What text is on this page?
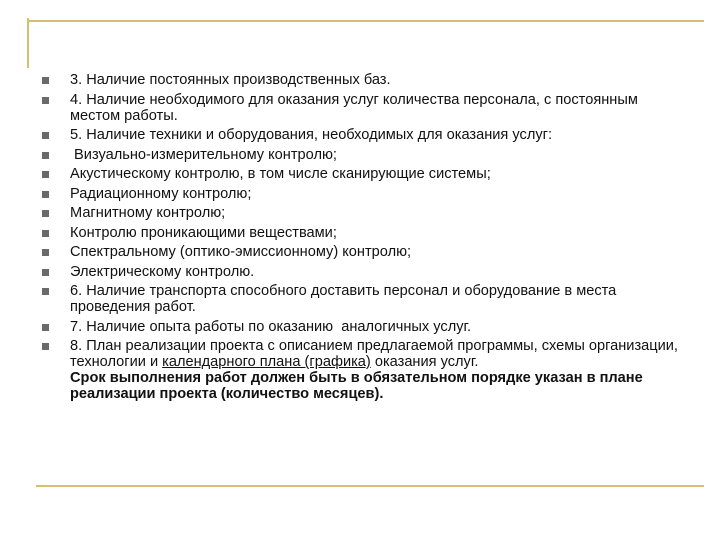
3. Наличие постоянных производственных баз.
4. Наличие необходимого для оказания услуг количества персонала, с постоянным местом работы.
5. Наличие техники и оборудования, необходимых для оказания услуг:
Визуально-измерительному контролю;
Акустическому контролю, в том числе сканирующие системы;
Радиационному контролю;
Магнитному контролю;
Контролю проникающими веществами;
Спектральному (оптико-эмиссионному) контролю;
Электрическому контролю.
6. Наличие транспорта способного доставить персонал и оборудование в места проведения работ.
7. Наличие опыта работы по оказанию  аналогичных услуг.
8. План реализации проекта с описанием предлагаемой программы, схемы организации, технологии и календарного плана (графика) оказания услуг.
Срок выполнения работ должен быть в обязательном порядке указан в плане реализации проекта (количество месяцев).
